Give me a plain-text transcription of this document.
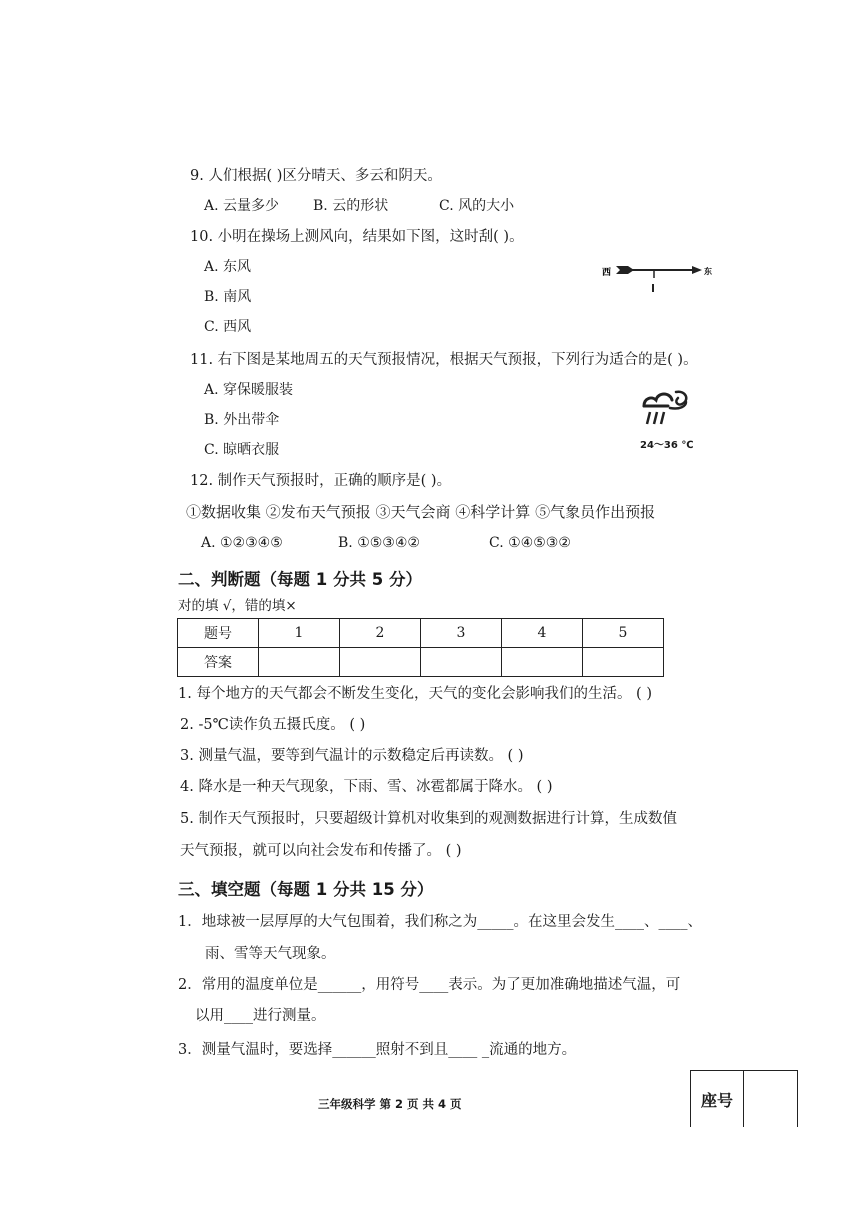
9. 人们根据( )区分晴天、多云和阴天。
A. 云量多少 B. 云的形状	C. 风的大小
10. 小明在操场上测风向，结果如下图，这时刮( )。
A. 东风
B. 南风
C. 西风
西	东
11. 右下图是某地周五的天气预报情况，根据天气预报，下列行为适合的是( )。
A. 穿保暖服装
B. 外出带伞
C. 晾晒衣服	24～36 ℃
12. 制作天气预报时，正确的顺序是( )。
①数据收集 ②发布天气预报 ③天气会商 ④科学计算 ⑤气象员作出预报
A. ①②③④⑤	B. ①⑤③④②	C. ①④⑤③②
二、判断题（每题 1 分共 5 分）
对的填 √，错的填×
题号	1	2	3	4	5
答案					
1. 每个地方的天气都会不断发生变化，天气的变化会影响我们的生活。 ( )
2. -5℃读作负五摄氏度。 ( )
3. 测量气温，要等到气温计的示数稳定后再读数。 ( )
4. 降水是一种天气现象，下雨、雪、冰雹都属于降水。 ( )
5. 制作天气预报时，只要超级计算机对收集到的观测数据进行计算，生成数值
天气预报，就可以向社会发布和传播了。 ( )
三、填空题（每题 1 分共 15 分）
1．地球被一层厚厚的大气包围着，我们称之为_____。在这里会发生____、____、
雨、雪等天气现象。
2．常用的温度单位是______，用符号____表示。为了更加准确地描述气温，可
以用____进行测量。
3．测量气温时，要选择______照射不到且____ _流通的地方。
三年级科学 第 2 页 共 4 页	座号
